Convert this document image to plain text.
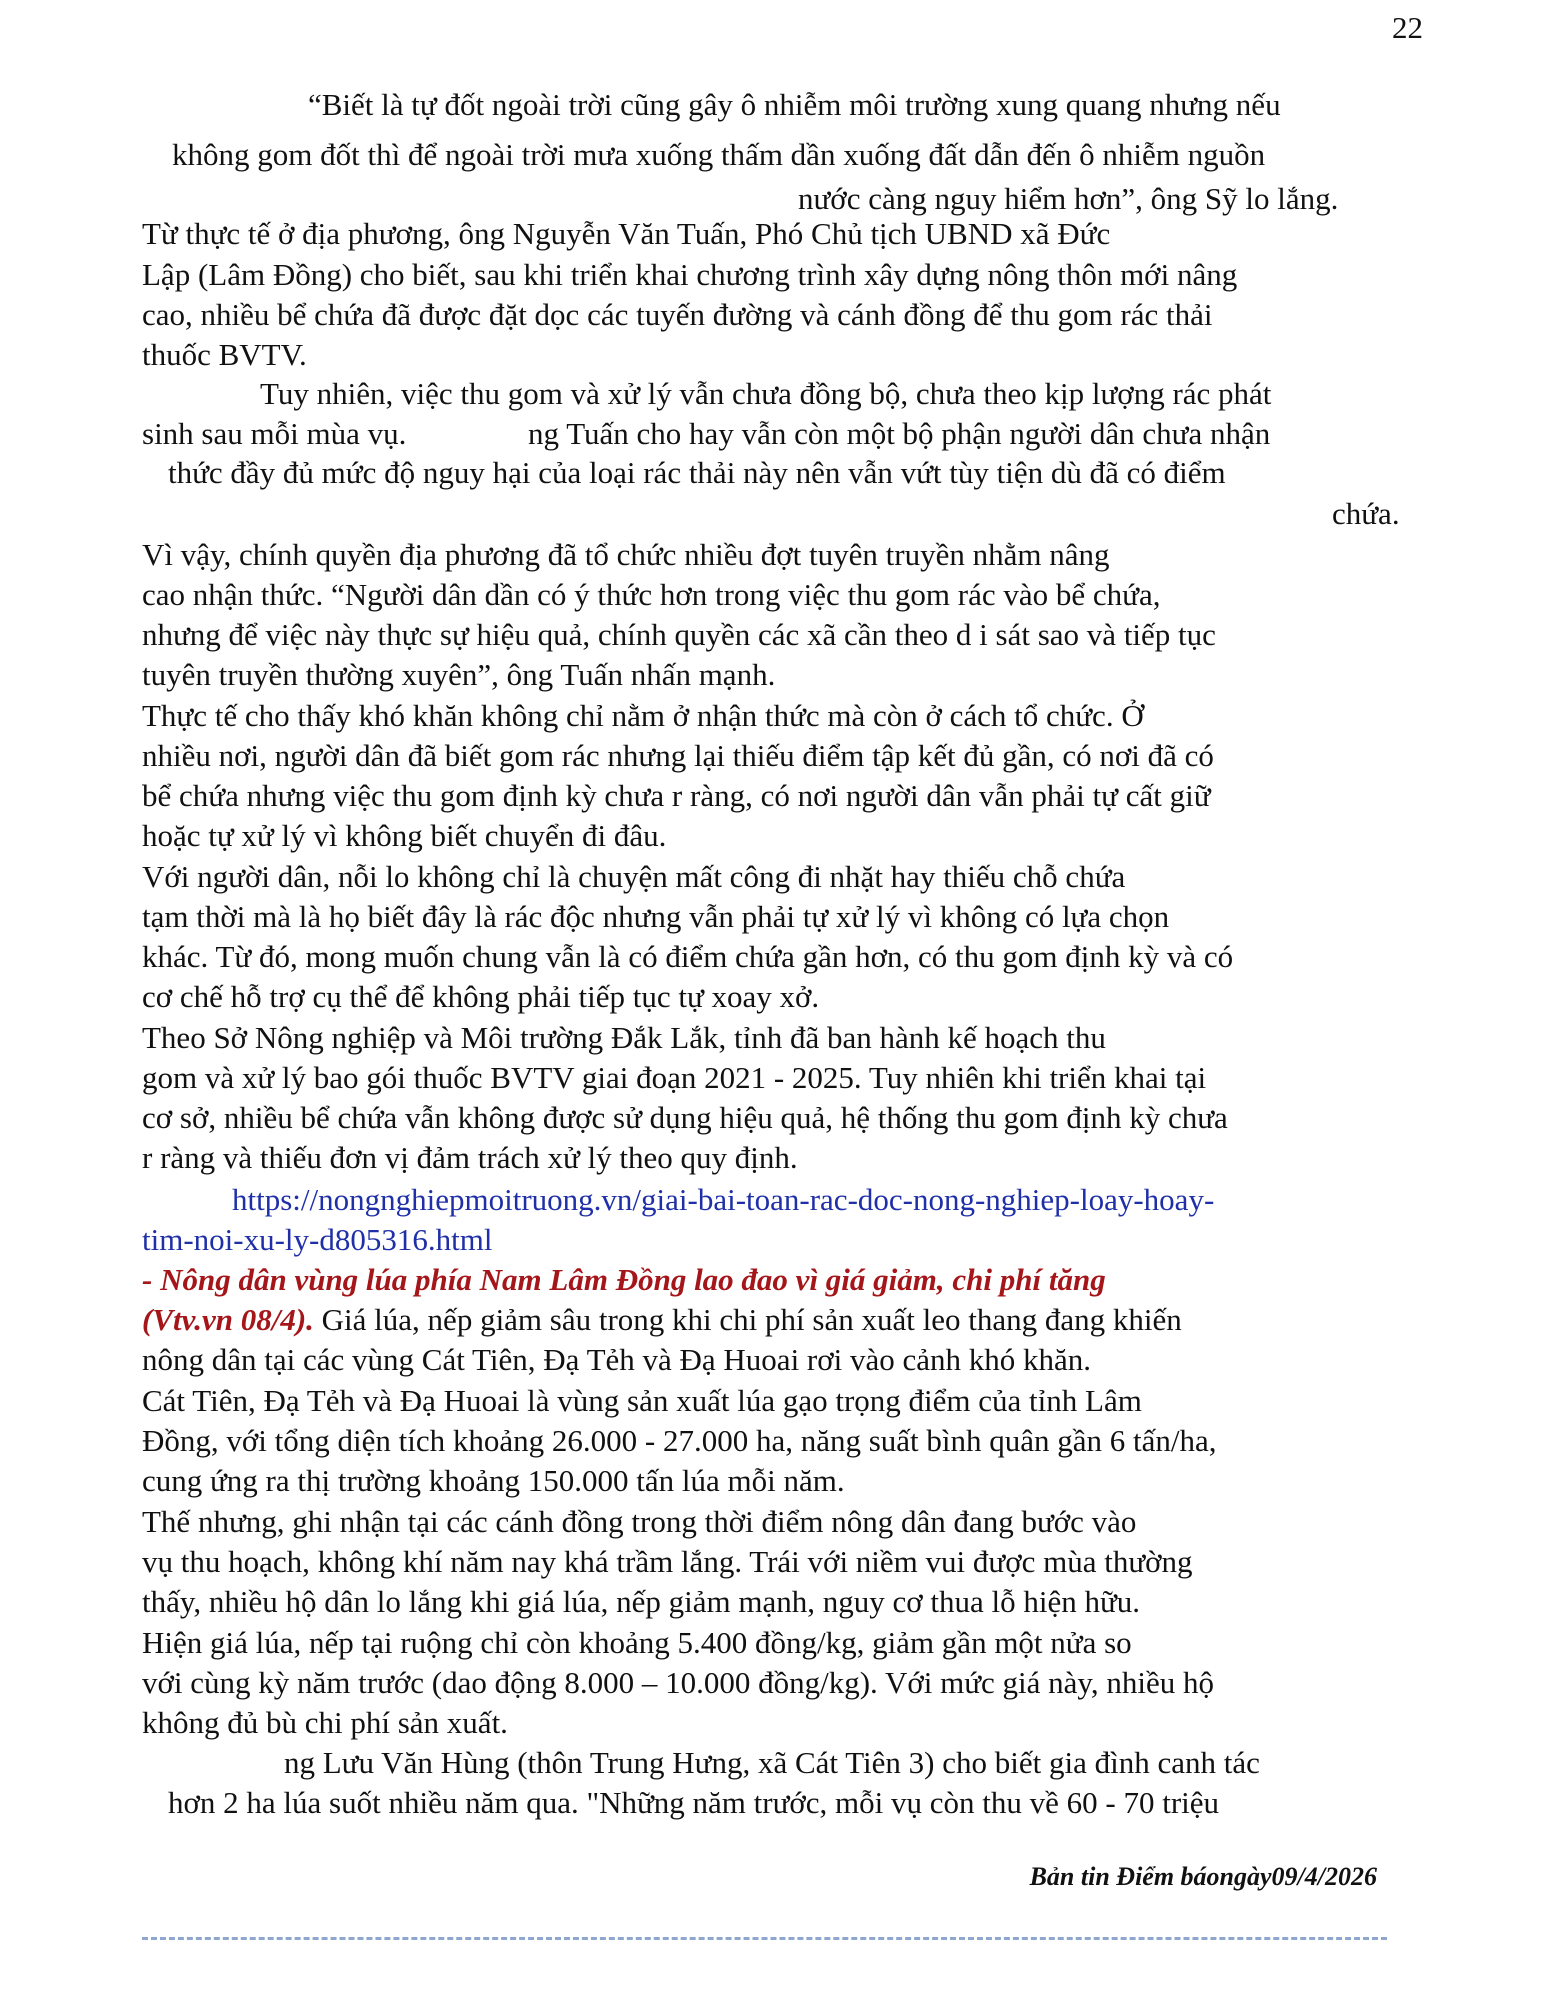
22
“Biết là tự đốt ngoài trời cũng gây ô nhiễm môi trường xung quang nhưng nếu
không gom đốt thì để ngoài trời mưa xuống thấm dần xuống đất dẫn đến ô nhiễm nguồn
nước càng nguy hiểm hơn”, ông Sỹ lo lắng.
Từ thực tế ở địa phương, ông Nguyễn Văn Tuấn, Phó Chủ tịch UBND xã Đức
Lập (Lâm Đồng) cho biết, sau khi triển khai chương trình xây dựng nông thôn mới nâng
cao, nhiều bể chứa đã được đặt dọc các tuyến đường và cánh đồng để thu gom rác thải
thuốc BVTV.
Tuy nhiên, việc thu gom và xử lý vẫn chưa đồng bộ, chưa theo kịp lượng rác phát
sinh sau mỗi mùa vụ.	ng Tuấn cho hay vẫn còn một bộ phận người dân chưa nhận
thức đầy đủ mức độ nguy hại của loại rác thải này nên vẫn vứt tùy tiện dù đã có điểm
chứa.
Vì vậy, chính quyền địa phương đã tổ chức nhiều đợt tuyên truyền nhằm nâng
cao nhận thức. “Người dân dần có ý thức hơn trong việc thu gom rác vào bể chứa,
nhưng để việc này thực sự hiệu quả, chính quyền các xã cần theo d i sát sao và tiếp tục
tuyên truyền thường xuyên”, ông Tuấn nhấn mạnh.
Thực tế cho thấy khó khăn không chỉ nằm ở nhận thức mà còn ở cách tổ chức. Ở
nhiều nơi, người dân đã biết gom rác nhưng lại thiếu điểm tập kết đủ gần, có nơi đã có
bể chứa nhưng việc thu gom định kỳ chưa r ràng, có nơi người dân vẫn phải tự cất giữ
hoặc tự xử lý vì không biết chuyển đi đâu.
Với người dân, nỗi lo không chỉ là chuyện mất công đi nhặt hay thiếu chỗ chứa
tạm thời mà là họ biết đây là rác độc nhưng vẫn phải tự xử lý vì không có lựa chọn
khác. Từ đó, mong muốn chung vẫn là có điểm chứa gần hơn, có thu gom định kỳ và có
cơ chế hỗ trợ cụ thể để không phải tiếp tục tự xoay xở.
Theo Sở Nông nghiệp và Môi trường Đắk Lắk, tỉnh đã ban hành kế hoạch thu
gom và xử lý bao gói thuốc BVTV giai đoạn 2021 - 2025. Tuy nhiên khi triển khai tại
cơ sở, nhiều bể chứa vẫn không được sử dụng hiệu quả, hệ thống thu gom định kỳ chưa
r ràng và thiếu đơn vị đảm trách xử lý theo quy định.
https://nongnghiepmoitruong.vn/giai-bai-toan-rac-doc-nong-nghiep-loay-hoay-
tim-noi-xu-ly-d805316.html
- Nông dân vùng lúa phía Nam Lâm Đồng lao đao vì giá giảm, chi phí tăng
(Vtv.vn 08/4). Giá lúa, nếp giảm sâu trong khi chi phí sản xuất leo thang đang khiến
nông dân tại các vùng Cát Tiên, Đạ Tẻh và Đạ Huoai rơi vào cảnh khó khăn.
Cát Tiên, Đạ Tẻh và Đạ Huoai là vùng sản xuất lúa gạo trọng điểm của tỉnh Lâm
Đồng, với tổng diện tích khoảng 26.000 - 27.000 ha, năng suất bình quân gần 6 tấn/ha,
cung ứng ra thị trường khoảng 150.000 tấn lúa mỗi năm.
Thế nhưng, ghi nhận tại các cánh đồng trong thời điểm nông dân đang bước vào
vụ thu hoạch, không khí năm nay khá trầm lắng. Trái với niềm vui được mùa thường
thấy, nhiều hộ dân lo lắng khi giá lúa, nếp giảm mạnh, nguy cơ thua lỗ hiện hữu.
Hiện giá lúa, nếp tại ruộng chỉ còn khoảng 5.400 đồng/kg, giảm gần một nửa so
với cùng kỳ năm trước (dao động 8.000 – 10.000 đồng/kg). Với mức giá này, nhiều hộ
không đủ bù chi phí sản xuất.
ng Lưu Văn Hùng (thôn Trung Hưng, xã Cát Tiên 3) cho biết gia đình canh tác
hơn 2 ha lúa suốt nhiều năm qua. "Những năm trước, mỗi vụ còn thu về 60 - 70 triệu
Bản tin Điểm báongày09/4/2026
